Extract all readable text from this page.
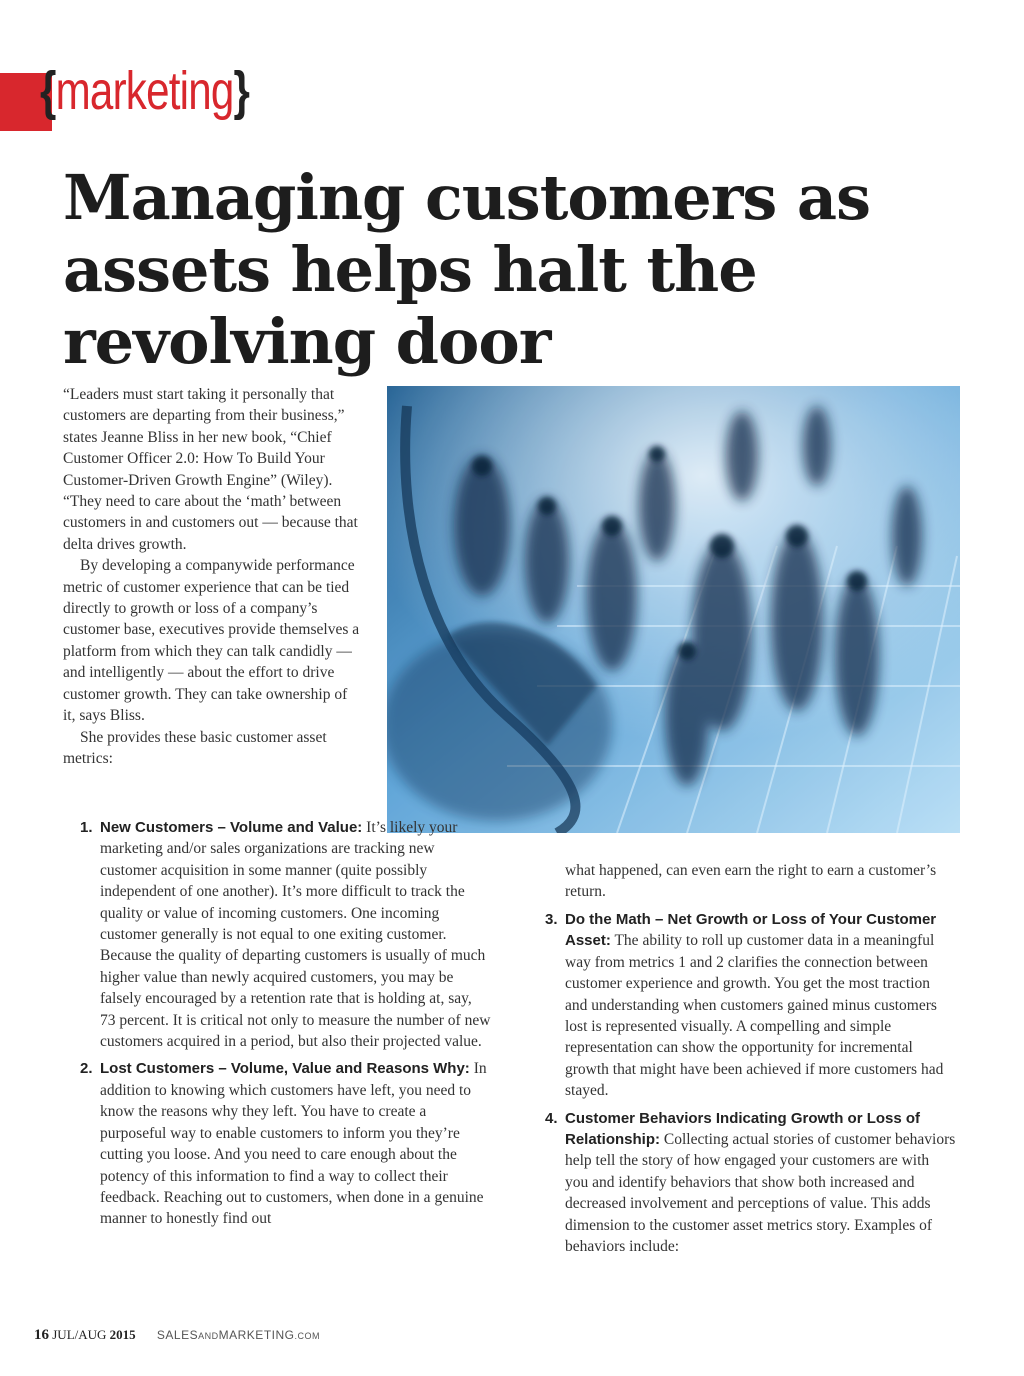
{marketing}
Managing customers as assets helps halt the revolving door

“Leaders must start taking it personally that customers are departing from their business,” states Jeanne Bliss in her new book, “Chief Customer Officer 2.0: How To Build Your Customer-Driven Growth Engine” (Wiley). “They need to care about the ‘math’ between customers in and customers out — because that delta drives growth.

By developing a companywide performance metric of customer experience that can be tied directly to growth or loss of a company’s customer base, executives provide themselves a platform from which they can talk candidly — and intelligently — about the effort to drive customer growth. They can take ownership of it, says Bliss.

She provides these basic customer asset metrics:

1. New Customers – Volume and Value: It’s likely your marketing and/or sales organizations are tracking new customer acquisition in some manner (quite possibly independent of one another). It’s more difficult to track the quality or value of incoming customers. One incoming customer generally is not equal to one exiting customer. Because the quality of departing customers is usually of much higher value than newly acquired customers, you may be falsely encouraged by a retention rate that is holding at, say, 73 percent. It is critical not only to measure the number of new customers acquired in a period, but also their projected value.
2. Lost Customers – Volume, Value and Reasons Why: In addition to knowing which customers have left, you need to know the reasons why they left. You have to create a purposeful way to enable customers to inform you they’re cutting you loose. And you need to care enough about the potency of this information to find a way to collect their feedback. Reaching out to customers, when done in a genuine manner to honestly find out

what happened, can even earn the right to earn a customer’s return.

3. Do the Math – Net Growth or Loss of Your Customer Asset: The ability to roll up customer data in a meaningful way from metrics 1 and 2 clarifies the connection between customer experience and growth. You get the most traction and understanding when customers gained minus customers lost is represented visually. A compelling and simple representation can show the opportunity for incremental growth that might have been achieved if more customers had stayed.
4. Customer Behaviors Indicating Growth or Loss of Relationship: Collecting actual stories of customer behaviors help tell the story of how engaged your customers are with you and identify behaviors that show both increased and decreased involvement and perceptions of value. This adds dimension to the customer asset metrics story. Examples of behaviors include:
16 JUL/AUG 2015 SALESANDMARKETING.COM
